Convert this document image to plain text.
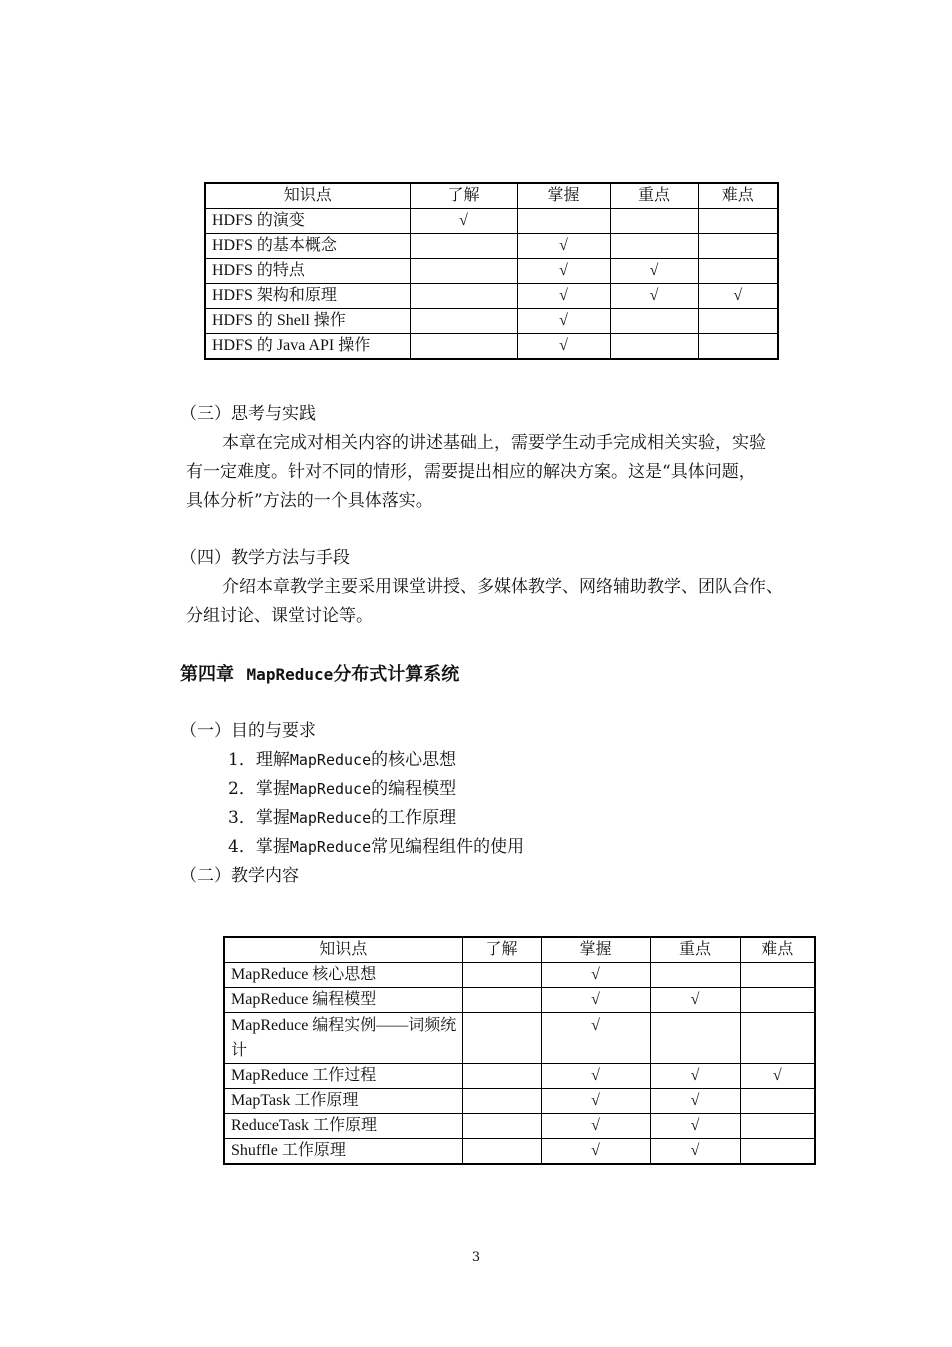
知识点	了解	掌握	重点	难点
HDFS 的演变	√			
HDFS 的基本概念		√		
HDFS 的特点		√	√	
HDFS 架构和原理		√	√	√
HDFS 的 Shell 操作		√		
HDFS 的 Java API 操作		√		
（三）思考与实践
本章在完成对相关内容的讲述基础上，需要学生动手完成相关实验，实验
有一定难度。针对不同的情形，需要提出相应的解决方案。这是“具体问题，
具体分析”方法的一个具体落实。
（四）教学方法与手段
介绍本章教学主要采用课堂讲授、多媒体教学、网络辅助教学、团队合作、
分组讨论、课堂讨论等。
第四章 MapReduce分布式计算系统
（一）目的与要求
1．理解MapReduce的核心思想
2．掌握MapReduce的编程模型
3．掌握MapReduce的工作原理
4．掌握MapReduce常见编程组件的使用
（二）教学内容
知识点	了解	掌握	重点	难点
MapReduce 核心思想		√		
MapReduce 编程模型		√	√	
MapReduce 编程实例——词频统计		√		
MapReduce 工作过程		√	√	√
MapTask 工作原理		√	√	
ReduceTask 工作原理		√	√	
Shuffle 工作原理		√	√	
3
